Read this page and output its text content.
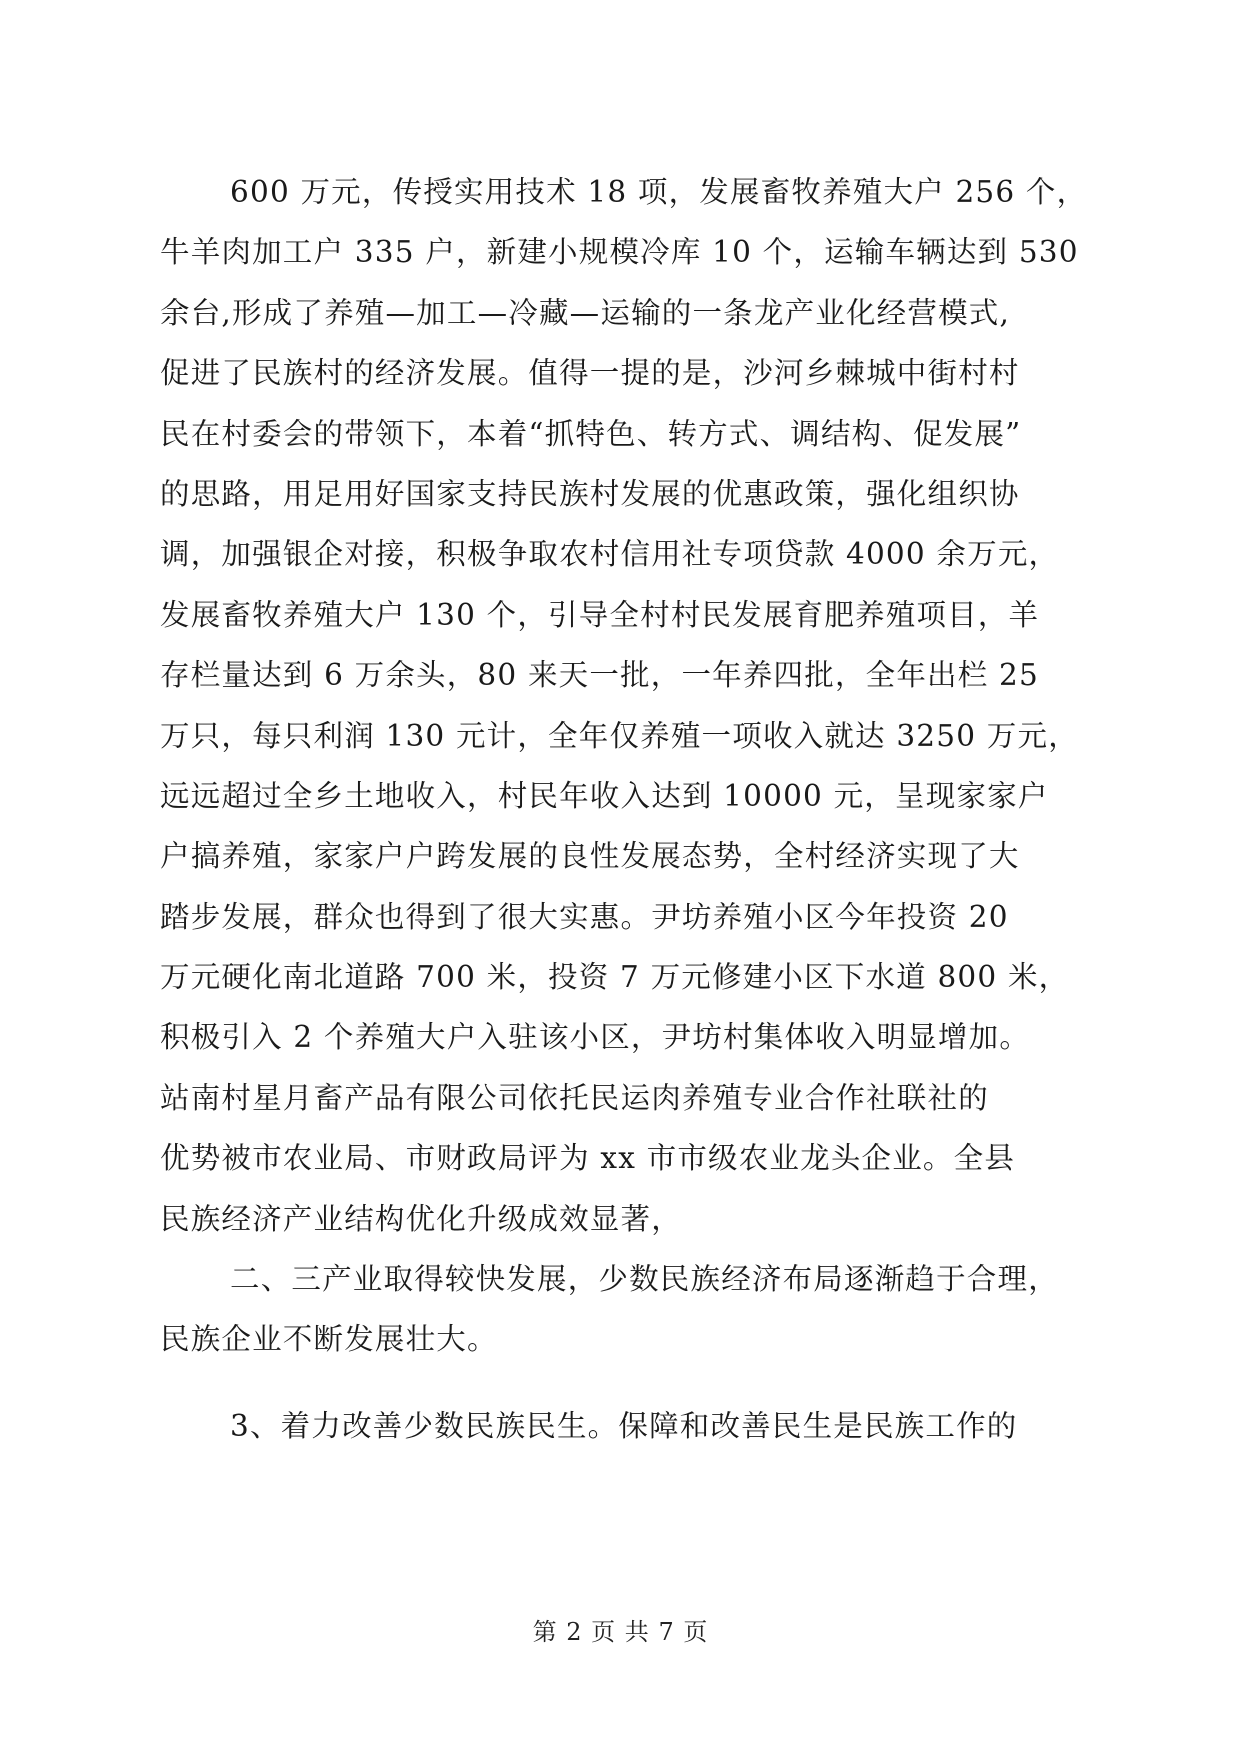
600 万元，传授实用技术 18 项，发展畜牧养殖大户 256 个，
牛羊肉加工户 335 户，新建小规模冷库 10 个，运输车辆达到 530
余台,形成了养殖—加工—冷藏—运输的一条龙产业化经营模式,
促进了民族村的经济发展。值得一提的是，沙河乡棘城中街村村
民在村委会的带领下，本着“抓特色、转方式、调结构、促发展”
的思路，用足用好国家支持民族村发展的优惠政策，强化组织协
调，加强银企对接，积极争取农村信用社专项贷款 4000 余万元，
发展畜牧养殖大户 130 个，引导全村村民发展育肥养殖项目，羊
存栏量达到 6 万余头，80 来天一批，一年养四批，全年出栏 25
万只，每只利润 130 元计，全年仅养殖一项收入就达 3250 万元，
远远超过全乡土地收入，村民年收入达到 10000 元，呈现家家户
户搞养殖，家家户户跨发展的良性发展态势，全村经济实现了大
踏步发展，群众也得到了很大实惠。尹坊养殖小区今年投资 20
万元硬化南北道路 700 米，投资 7 万元修建小区下水道 800 米，
积极引入 2 个养殖大户入驻该小区，尹坊村集体收入明显增加。
站南村星月畜产品有限公司依托民运肉养殖专业合作社联社的
优势被市农业局、市财政局评为 xx 市市级农业龙头企业。全县
民族经济产业结构优化升级成效显著，
二、三产业取得较快发展，少数民族经济布局逐渐趋于合理，
民族企业不断发展壮大。
3、着力改善少数民族民生。保障和改善民生是民族工作的
第 2 页 共 7 页
